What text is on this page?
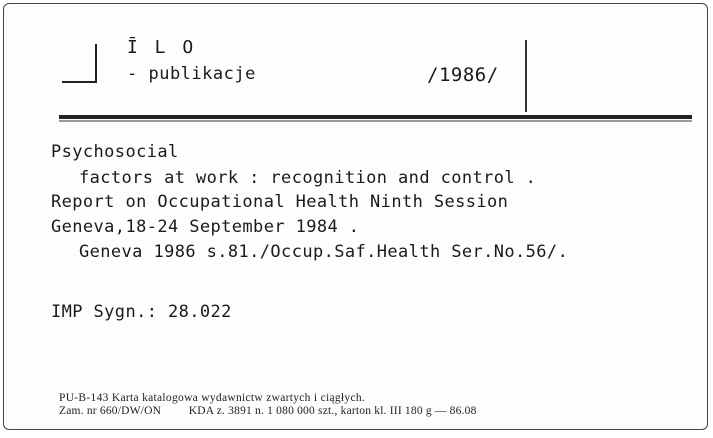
Ī L O
- publikacje	/1986/
Psychosocial
factors at work : recognition and control .
Report on Occupational Health Ninth Session
Geneva,18-24 September 1984 .
Geneva 1986 s.81./Occup.Saf.Health Ser.No.56/.
IMP Sygn.: 28.022
PU-B-143 Karta katalogowa wydawnictw zwartych i ciągłych.
Zam. nr 660/DW/ON         KDA z. 3891 n. 1 080 000 szt., karton kl. III 180 g — 86.08
